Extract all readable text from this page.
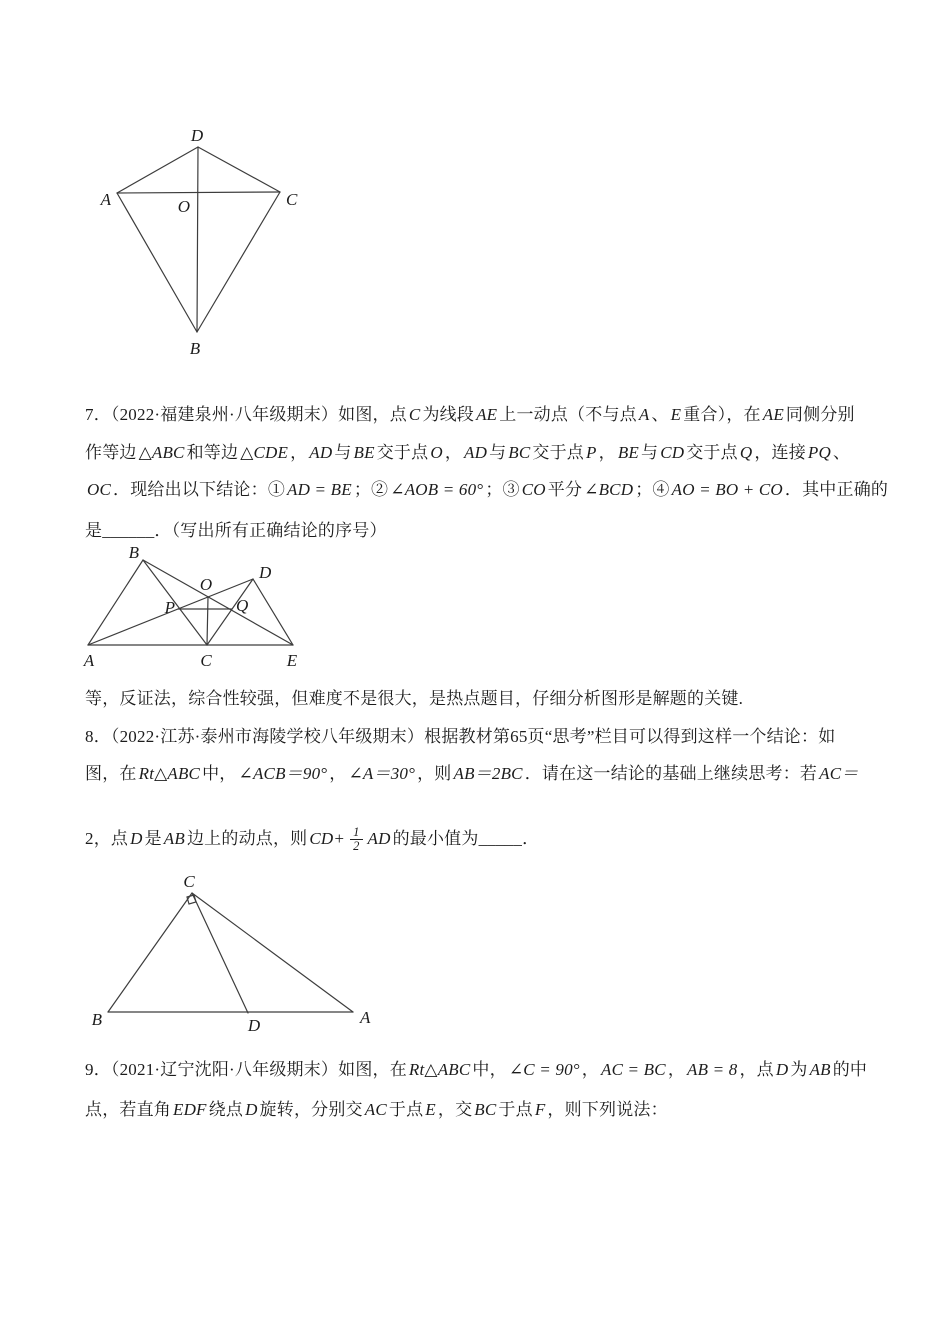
D
A	C
O
B
7．（2022·福建泉州·八年级期末）如图，点 C 为线段 AE 上一动点（不与点 A 、 E 重合），在 AE 同侧分别
作等边 △ABC 和等边 △CDE ， AD 与 BE 交于点 O ， AD 与 BC 交于点 P ， BE 与 CD 交于点 Q ，连接 PQ 、
OC ．现给出以下结论：① AD = BE ；② ∠AOB = 60° ；③ CO 平分 ∠BCD ；④ AO = BO + CO ．其中正确的
是______．（写出所有正确结论的序号）
B
D
O
P	Q
A	C	E
等，反证法，综合性较强，但难度不是很大，是热点题目，仔细分析图形是解题的关键.
8．（2022·江苏·泰州市海陵学校八年级期末）根据教材第65页“思考”栏目可以得到这样一个结论：如
图，在 Rt△ABC 中， ∠ACB＝90° ， ∠A＝30° ，则 AB＝2BC ．请在这一结论的基础上继续思考：若 AC＝
2，点 D 是 AB 边上的动点，则 $CD+ \frac{1}{2}$ AD 的最小值为_____．
C
B	D	A
9．（2021·辽宁沈阳·八年级期末）如图，在 Rt△ABC 中， ∠C = 90° ， AC = BC ， AB = 8 ，点 D 为 AB 的中
点，若直角 EDF 绕点 D 旋转，分别交 AC 于点 E ，交 BC 于点 F ，则下列说法：
